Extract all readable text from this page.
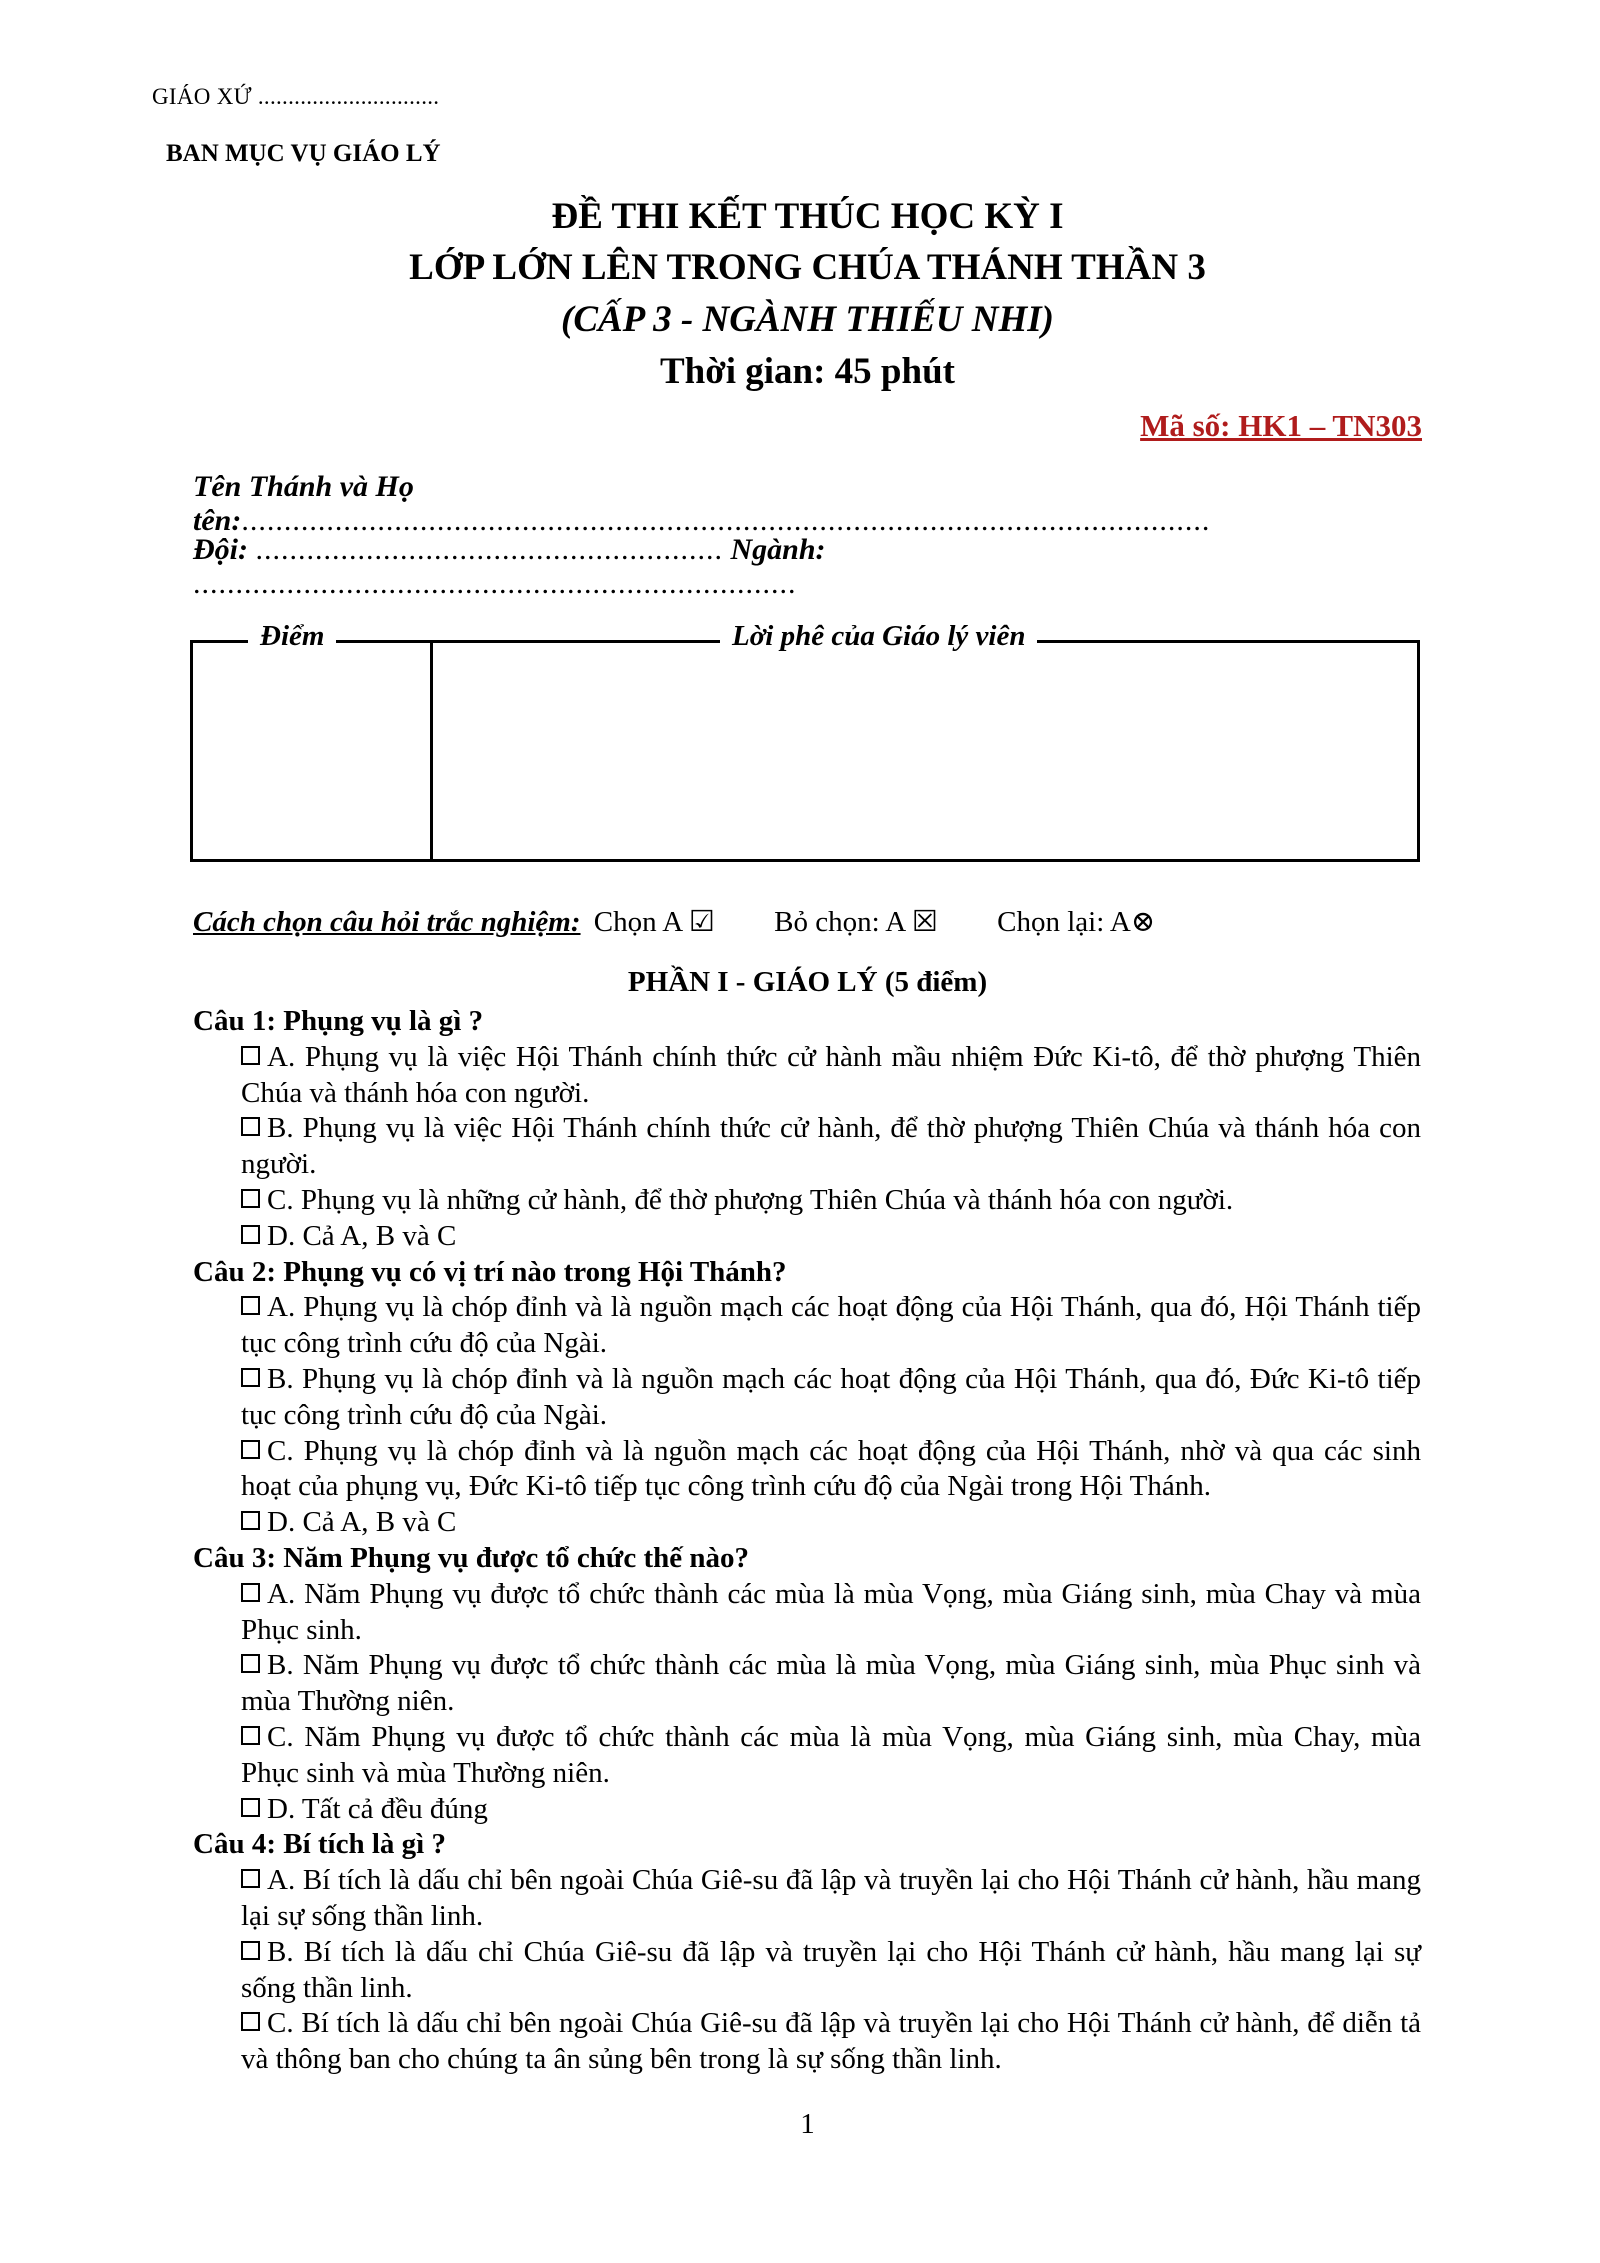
GIÁO XỨ ..............................
BAN MỤC VỤ GIÁO LÝ
ĐỀ THI KẾT THÚC HỌC KỲ I
LỚP LỚN LÊN TRONG CHÚA THÁNH THẦN 3
(CẤP 3 - NGÀNH THIẾU NHI)
Thời gian: 45 phút
Mã số: HK1 – TN303
Tên Thánh và Họ tên:..................................................................................................................
Đội: ....................................................... Ngành: .......................................................................
Điểm	Lời phê của Giáo lý viên
Cách chọn câu hỏi trắc nghiệm: Chọn A ☑ Bỏ chọn: A ☒ Chọn lại: A⊗
PHẦN I - GIÁO LÝ (5 điểm)

Câu 1: Phụng vụ là gì ?

A. Phụng vụ là việc Hội Thánh chính thức cử hành mầu nhiệm Đức Ki-tô, để thờ phượng Thiên Chúa và thánh hóa con người.

B. Phụng vụ là việc Hội Thánh chính thức cử hành, để thờ phượng Thiên Chúa và thánh hóa con người.

C. Phụng vụ là những cử hành, để thờ phượng Thiên Chúa và thánh hóa con người.

D. Cả A, B và C

Câu 2: Phụng vụ có vị trí nào trong Hội Thánh?

A. Phụng vụ là chóp đỉnh và là nguồn mạch các hoạt động của Hội Thánh, qua đó, Hội Thánh tiếp tục công trình cứu độ của Ngài.

B. Phụng vụ là chóp đỉnh và là nguồn mạch các hoạt động của Hội Thánh, qua đó, Đức Ki-tô tiếp tục công trình cứu độ của Ngài.

C. Phụng vụ là chóp đỉnh và là nguồn mạch các hoạt động của Hội Thánh, nhờ và qua các sinh hoạt của phụng vụ, Đức Ki-tô tiếp tục công trình cứu độ của Ngài trong Hội Thánh.

D. Cả A, B và C

Câu 3: Năm Phụng vụ được tổ chức thế nào?

A. Năm Phụng vụ được tổ chức thành các mùa là mùa Vọng, mùa Giáng sinh, mùa Chay và mùa Phục sinh.

B. Năm Phụng vụ được tổ chức thành các mùa là mùa Vọng, mùa Giáng sinh, mùa Phục sinh và mùa Thường niên.

C. Năm Phụng vụ được tổ chức thành các mùa là mùa Vọng, mùa Giáng sinh, mùa Chay, mùa Phục sinh và mùa Thường niên.

D. Tất cả đều đúng

Câu 4: Bí tích là gì ?

A. Bí tích là dấu chỉ bên ngoài Chúa Giê-su đã lập và truyền lại cho Hội Thánh cử hành, hầu mang lại sự sống thần linh.

B. Bí tích là dấu chỉ Chúa Giê-su đã lập và truyền lại cho Hội Thánh cử hành, hầu mang lại sự sống thần linh.

C. Bí tích là dấu chỉ bên ngoài Chúa Giê-su đã lập và truyền lại cho Hội Thánh cử hành, để diễn tả và thông ban cho chúng ta ân sủng bên trong là sự sống thần linh.

1
